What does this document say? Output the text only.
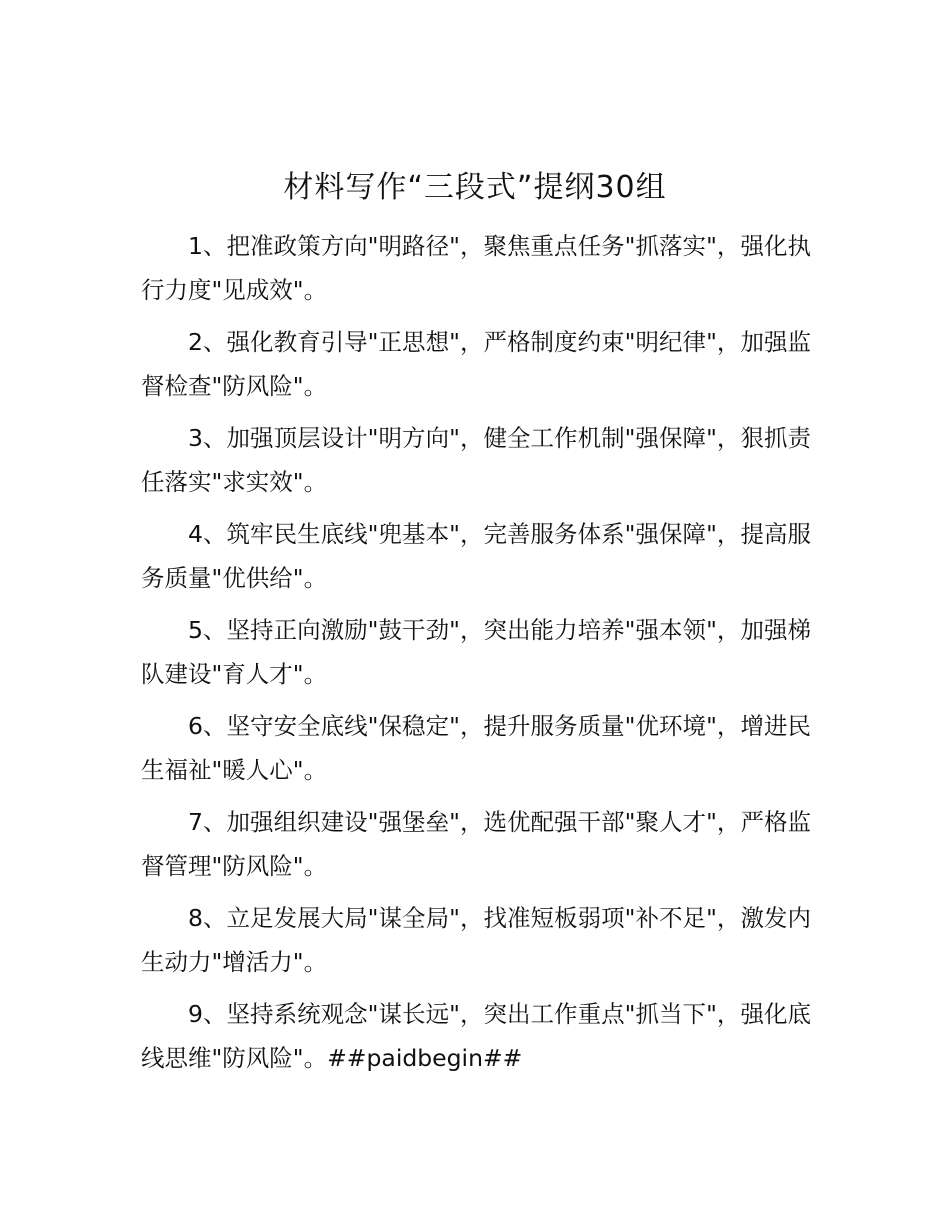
材料写作“三段式”提纲30组

1、把准政策方向"明路径"，聚焦重点任务"抓落实"，强化执行力度"见成效"。

2、强化教育引导"正思想"，严格制度约束"明纪律"，加强监督检查"防风险"。

3、加强顶层设计"明方向"，健全工作机制"强保障"，狠抓责任落实"求实效"。

4、筑牢民生底线"兜基本"，完善服务体系"强保障"，提高服务质量"优供给"。

5、坚持正向激励"鼓干劲"，突出能力培养"强本领"，加强梯队建设"育人才"。

6、坚守安全底线"保稳定"，提升服务质量"优环境"，增进民生福祉"暖人心"。

7、加强组织建设"强堡垒"，选优配强干部"聚人才"，严格监督管理"防风险"。

8、立足发展大局"谋全局"，找准短板弱项"补不足"，激发内生动力"增活力"。

9、坚持系统观念"谋长远"，突出工作重点"抓当下"，强化底线思维"防风险"。##paidbegin##
